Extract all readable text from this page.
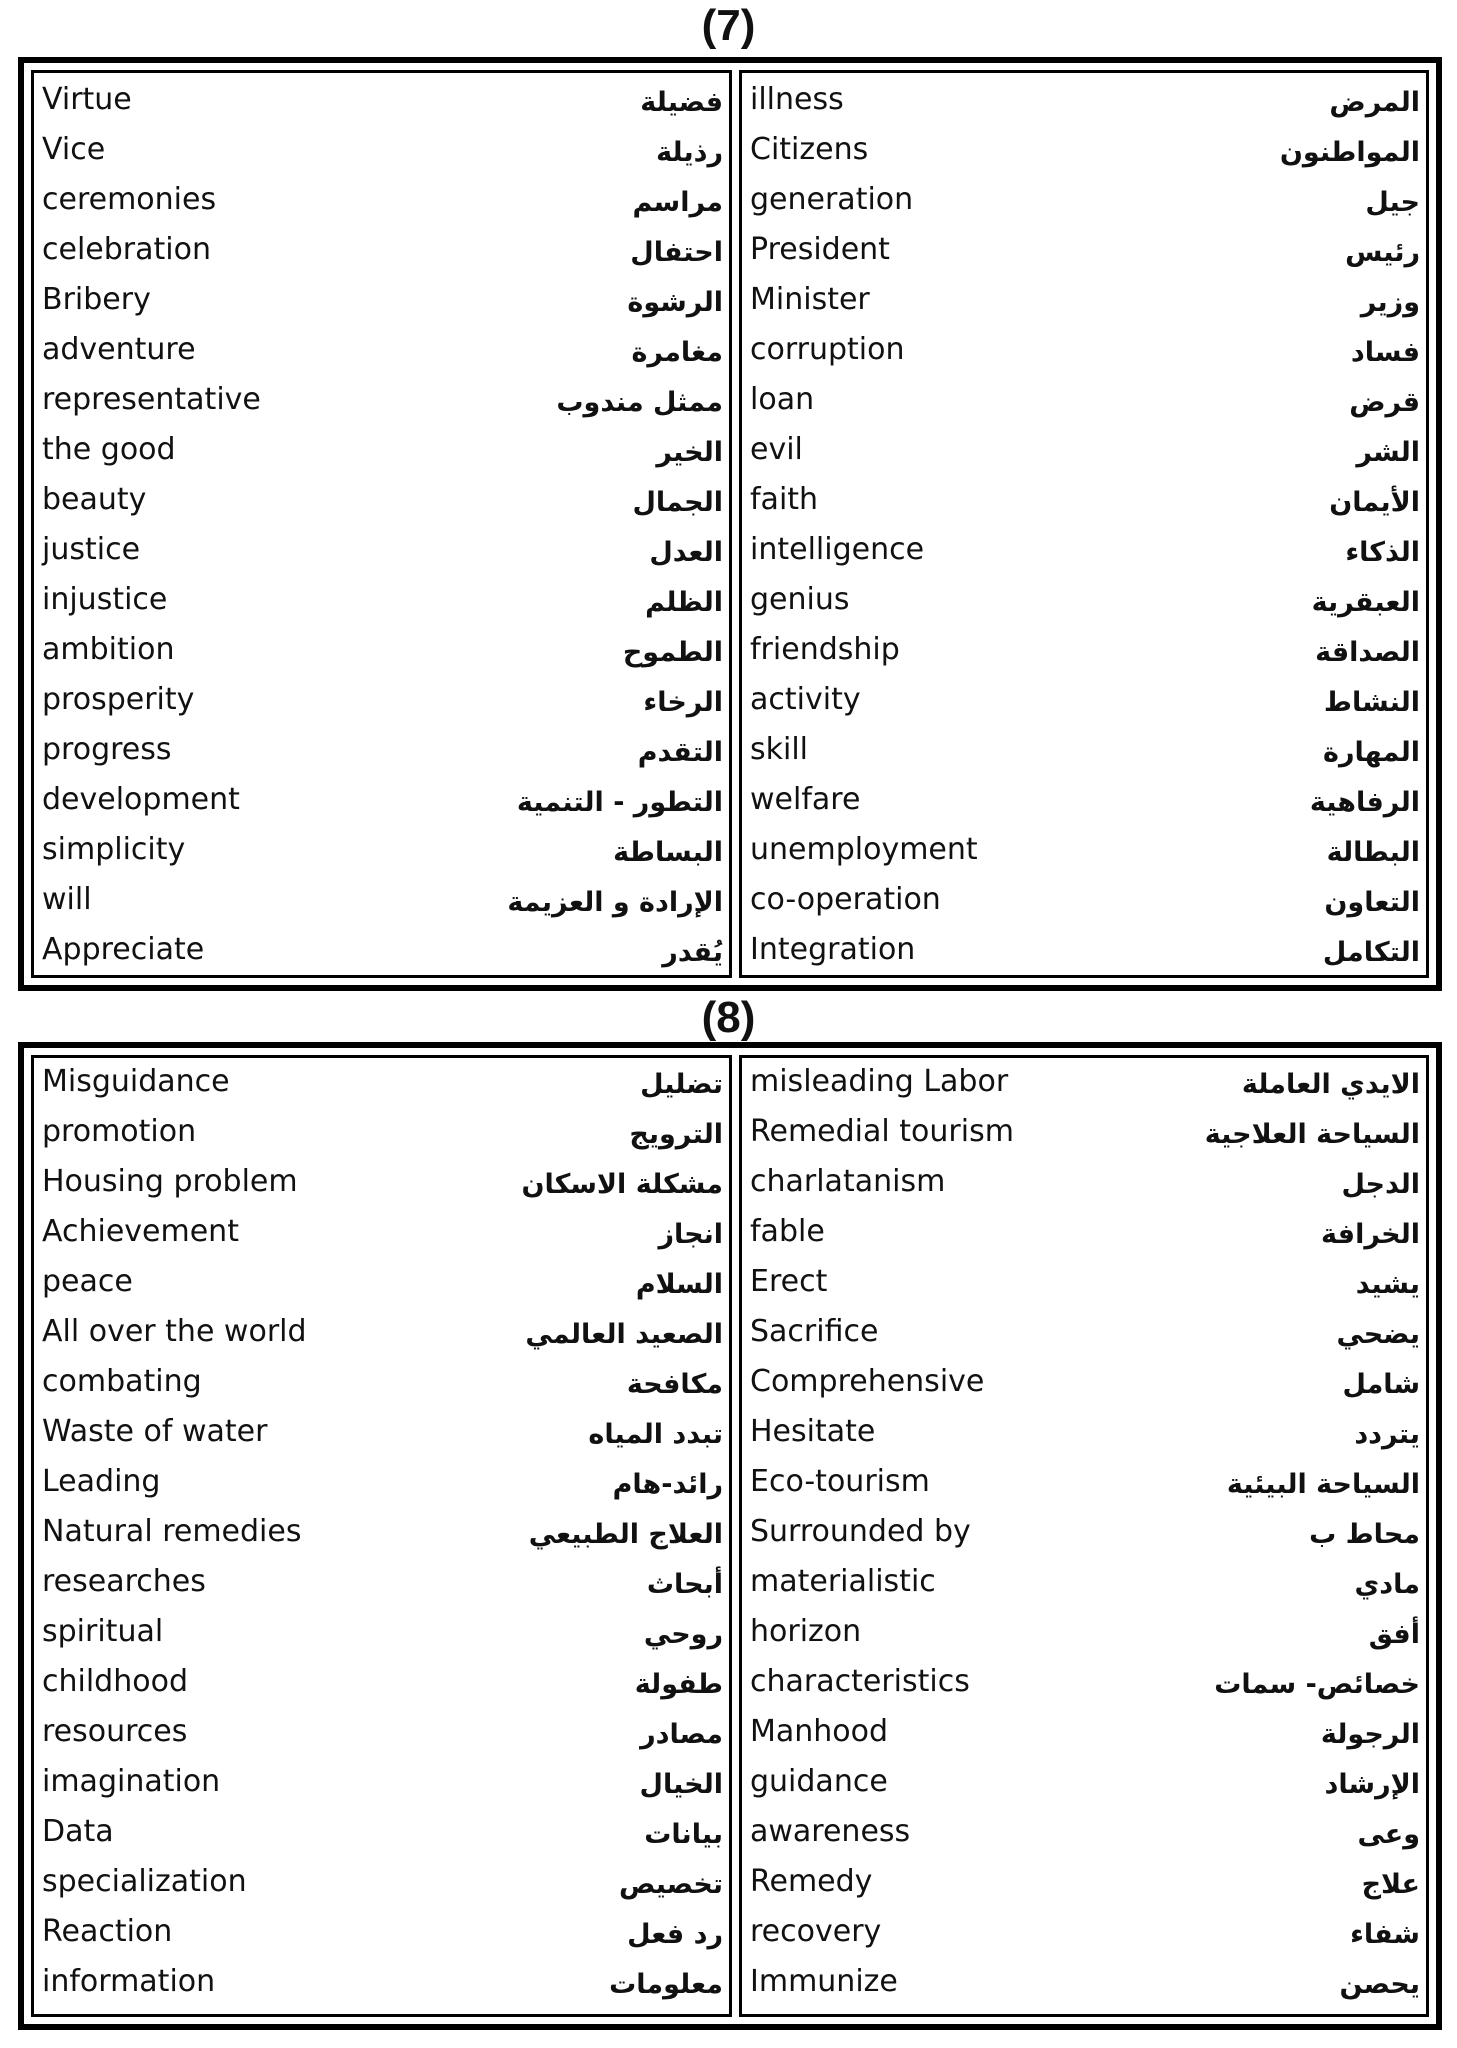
(7)
Virtue	فضيلة
Vice	رذيلة
ceremonies	مراسم
celebration	احتفال
Bribery	الرشوة
adventure	مغامرة
representative	ممثل مندوب
the good	الخير
beauty	الجمال
justice	العدل
injustice	الظلم
ambition	الطموح
prosperity	الرخاء
progress	التقدم
development	التطور - التنمية
simplicity	البساطة
will	الإرادة و العزيمة
Appreciate	يُقدر
illness	المرض
Citizens	المواطنون
generation	جيل
President	رئيس
Minister	وزير
corruption	فساد
loan	قرض
evil	الشر
faith	الأيمان
intelligence	الذكاء
genius	العبقرية
friendship	الصداقة
activity	النشاط
skill	المهارة
welfare	الرفاهية
unemployment	البطالة
co-operation	التعاون
Integration	التكامل
(8)
Misguidance	تضليل
promotion	الترويج
Housing problem	مشكلة الاسكان
Achievement	انجاز
peace	السلام
All over the world	الصعيد العالمي
combating	مكافحة
Waste of water	تبدد المياه
Leading	رائد-هام
Natural remedies	العلاج الطبيعي
researches	أبحاث
spiritual	روحي
childhood	طفولة
resources	مصادر
imagination	الخيال
Data	بيانات
specialization	تخصيص
Reaction	رد فعل
information	معلومات
misleading Labor	الايدي العاملة
Remedial tourism	السياحة العلاجية
charlatanism	الدجل
fable	الخرافة
Erect	يشيد
Sacrifice	يضحي
Comprehensive	شامل
Hesitate	يتردد
Eco-tourism	السياحة البيئية
Surrounded by	محاط ب
materialistic	مادي
horizon	أفق
characteristics	خصائص- سمات
Manhood	الرجولة
guidance	الإرشاد
awareness	وعى
Remedy	علاج
recovery	شفاء
Immunize	يحصن
